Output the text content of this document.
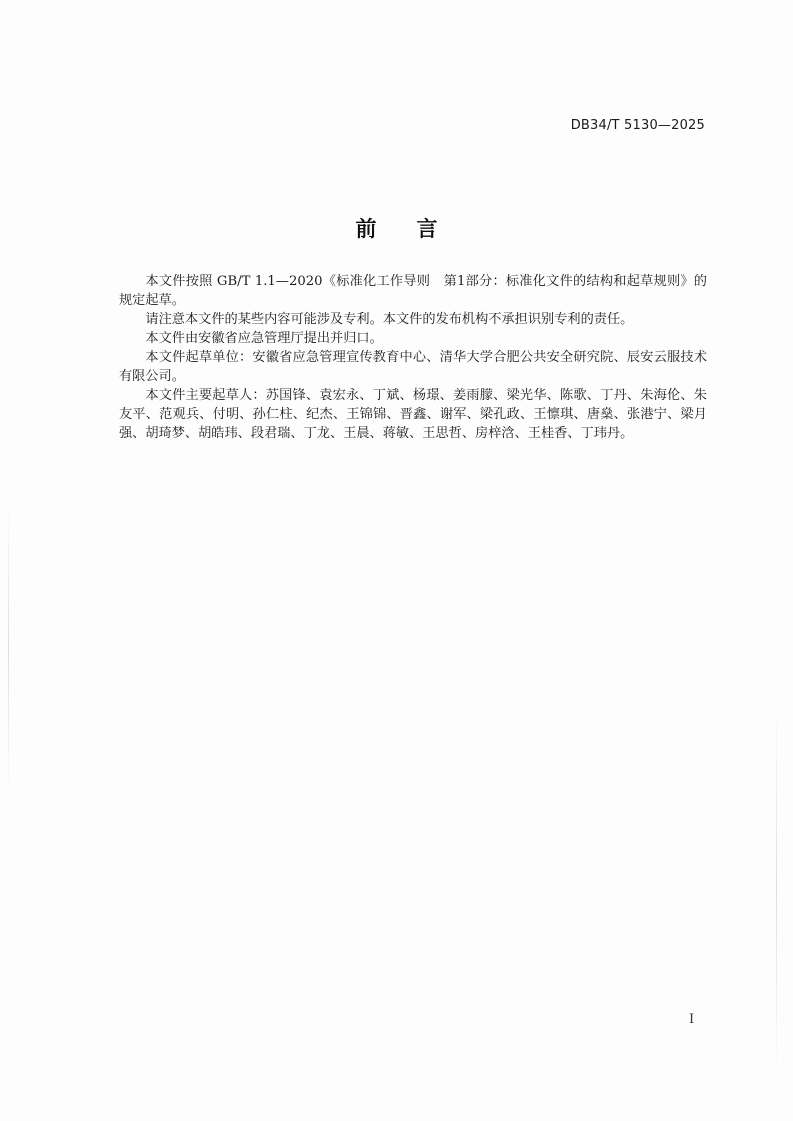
DB34/T 5130—2025
前言

本文件按照 GB/T 1.1—2020《标准化工作导则　第1部分：标准化文件的结构和起草规则》的规定起草。

请注意本文件的某些内容可能涉及专利。本文件的发布机构不承担识别专利的责任。

本文件由安徽省应急管理厅提出并归口。

本文件起草单位：安徽省应急管理宣传教育中心、清华大学合肥公共安全研究院、辰安云服技术有限公司。

本文件主要起草人：苏国锋、袁宏永、丁斌、杨璟、姜雨朦、梁光华、陈歌、丁丹、朱海伦、朱友平、范观兵、付明、孙仁柱、纪杰、王锦锦、晋鑫、谢军、梁孔政、王懔琪、唐燊、张港宁、梁月强、胡琦梦、胡皓玮、段君瑞、丁龙、王晨、蒋敏、王思哲、房梓浛、王桂香、丁玮丹。

I
